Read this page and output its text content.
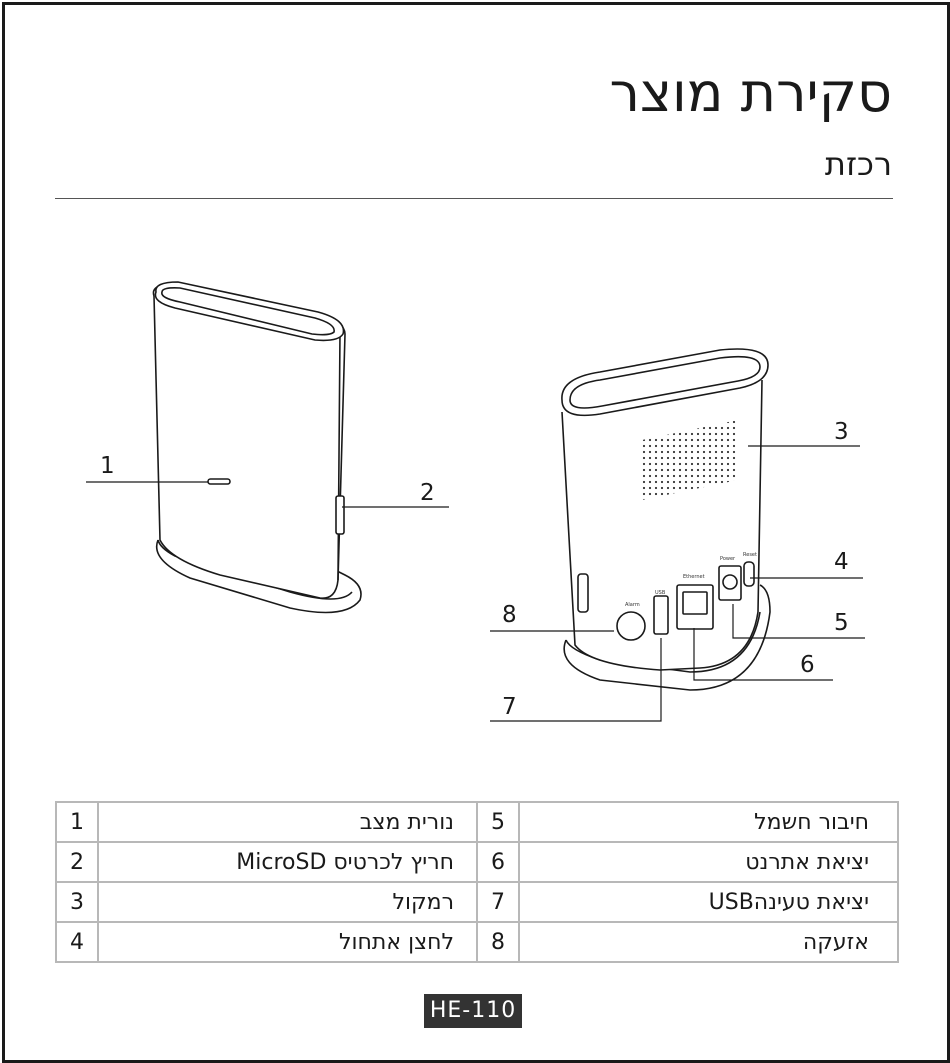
סקירת מוצר
רכזת
Alarm
USB
Ethernet
Power
Reset
1
2
3
4
5
6
7
8
1	נורית מצב	5	חיבור חשמל
2	חריץ לכרטיס MicroSD	6	יציאת אתרנט
3	רמקול	7	יציאת טעינהUSB
4	לחצן אתחול	8	אזעקה
HE-110
